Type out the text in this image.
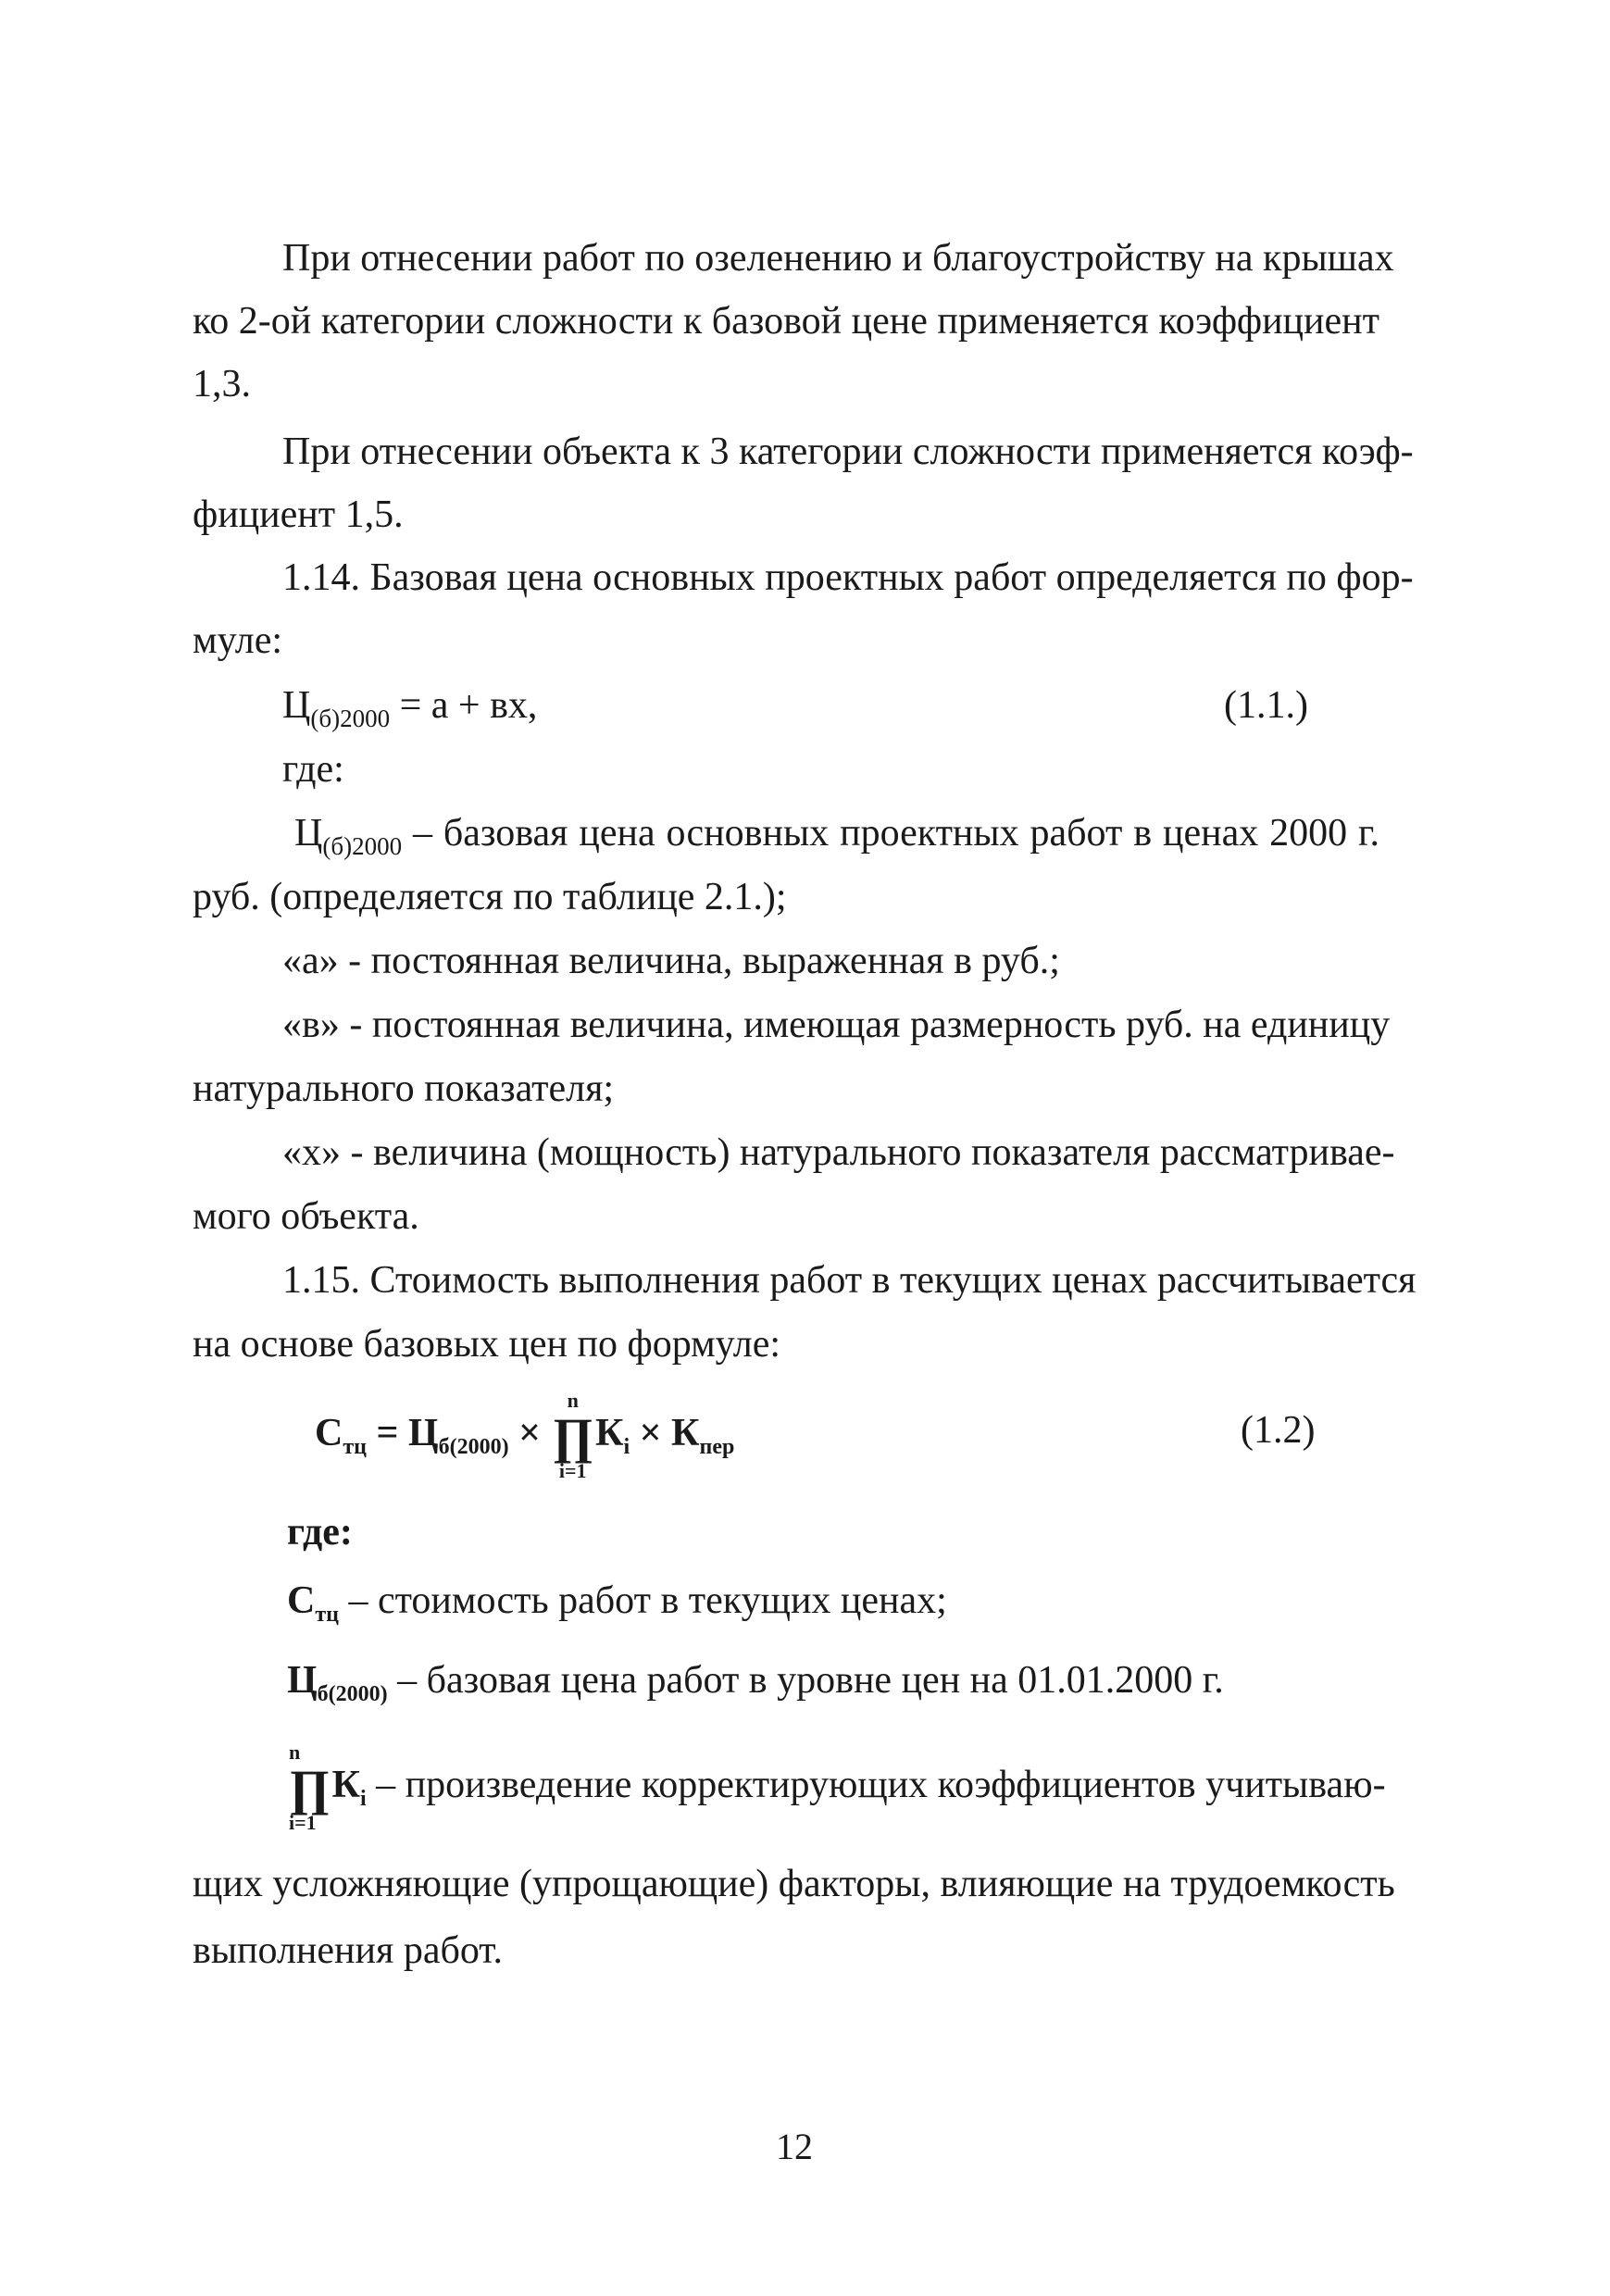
При отнесении работ по озеленению и благоустройству на крышах
ко 2-ой категории сложности к базовой цене применяется коэффициент
1,3.
При отнесении объекта к 3 категории сложности применяется коэф-
фициент 1,5.
1.14. Базовая цена основных проектных работ определяется по фор-
муле:
$Ц_{(б)2000} = а$ + вх,	(1.1.)
где:
$Ц_{(б)2000}$ – базовая цена основных проектных работ в ценах 2000 г.
руб. (определяется по таблице 2.1.);
«а» - постоянная величина, выраженная в руб.;
«в» - постоянная величина, имеющая размерность руб. на единицу
натурального показателя;
«х» - величина (мощность) натурального показателя рассматривае-
мого объекта.
1.15. Стоимость выполнения работ в текущих ценах рассчитывается
на основе базовых цен по формуле:
$С_{тц} = Ц_{б(2000)}$ ×
n
∏
i=1
$К_i \times К_{пер}$	(1.2)
где:
$С_{тц}$ – стоимость работ в текущих ценах;
$Ц_{б(2000)}$ – базовая цена работ в уровне цен на 01.01.2000 г.
n
∏
i=1
$К_i$ – произведение корректирующих коэффициентов учитываю-
щих усложняющие (упрощающие) факторы, влияющие на трудоемкость
выполнения работ.
12
